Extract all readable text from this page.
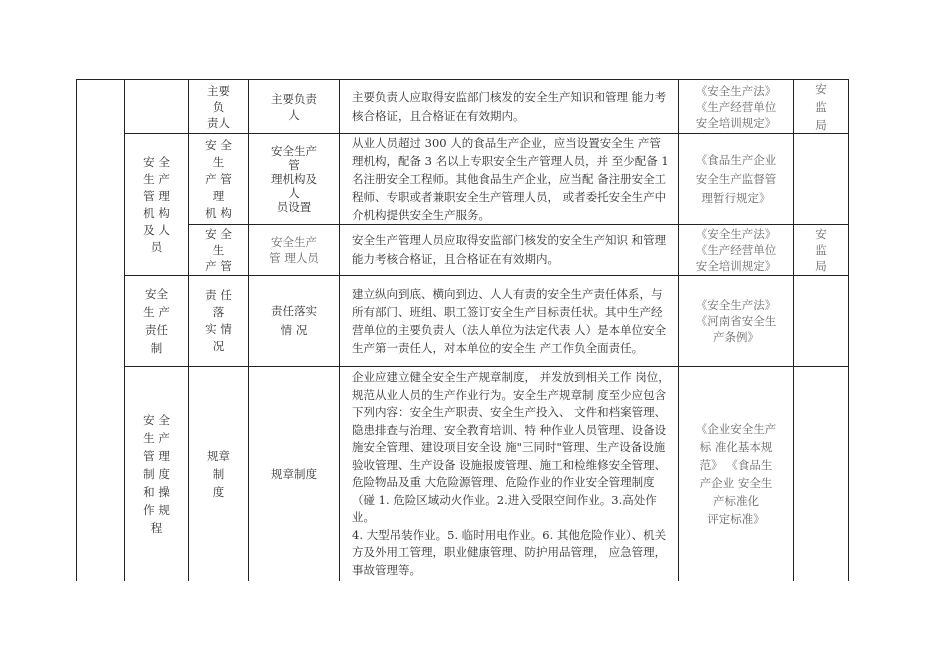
主要
负
责人
主要负责
人
主要负责人应取得安监部门核发的安全生产知识和管理 能力考核合格证，且合格证在有效期内。
《安全生产法》
《生产经营单位
安全培训规定》
安
监
局
安 全
生 产
管 理
机 构
及 人
员
安 全
生
产 管
理
机 构
安全生产
管
理机构及
人
员设置
从业人员超过 300 人的食品生产企业，应当设置安全生 产管理机构，配备 3 名以上专职安全生产管理人员，并 至少配备 1 名注册安全工程师。其他食品生产企业，应当配 备注册安全工程师、专职或者兼职安全生产管理人员， 或者委托安全生产中介机构提供安全生产服务。
《食品生产企业
安全生产监督管
理暂行规定》
安 全
生
产 管
安全生产
管 理人员
安全生产管理人员应取得安监部门核发的安全生产知识 和管理能力考核合格证，且合格证在有效期内。
《安全生产法》
《生产经营单位
安全培训规定》
安
监
局
安全
生 产
责任
制
责 任
落
实 情
况
责任落实
情 况
建立纵向到底、横向到边、人人有责的安全生产责任体系，与所有部门、班组、职工签订安全生产目标责任状。其中生产经营单位的主要负责人（法人单位为法定代表 人）是本单位安全生产第一责任人，对本单位的安全生 产工作负全面责任。
《安全生产法》
《河南省安全生
产条例》
安 全
生 产
管 理
制 度
和 操
作 规
程
规章
制
度
规章制度
企业应建立健全安全生产规章制度， 并发放到相关工作 岗位，规范从业人员的生产作业行为。安全生产规章制 度至少应包含下列内容：安全生产职责、安全生产投入、 文件和档案管理、隐患排查与治理、安全教育培训、特 种作业人员管理、设备设施安全管理、建设项目安全设 施"三同时"管理、生产设备设施验收管理、生产设备 设施报废管理、施工和检维修安全管理、危险物品及重 大危险源管理、危险作业的作业安全管理制度（碰 1. 危险区域动火作业。2.进入受限空间作业。3.高处作业。
4. 大型吊装作业。5. 临时用电作业。6. 其他危险作业）、机关方及外用工管理，职业健康管理、防护用品管理， 应急管理，事故管理等。
《企业安全生产
标 准化基本规
范》 《食品生
产企业 安全生
产标准化
评定标准》
